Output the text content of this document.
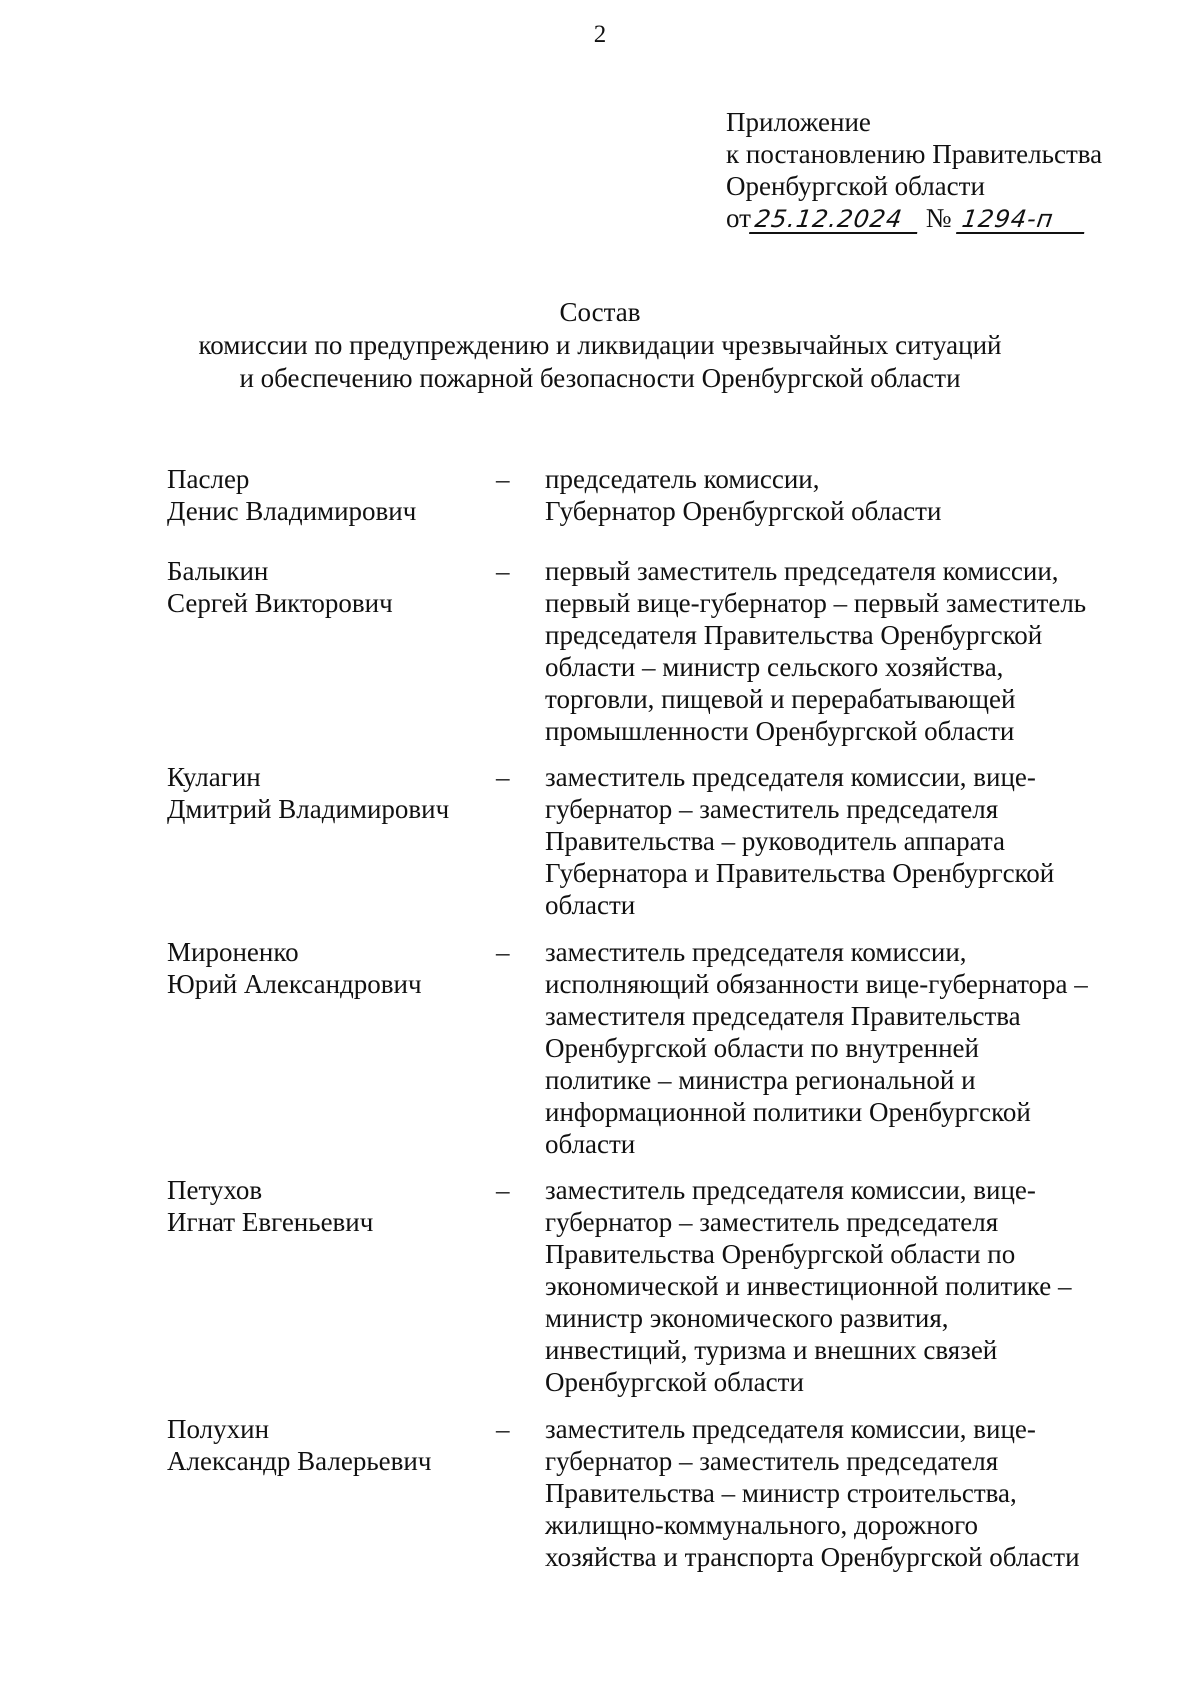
2
Приложение
к постановлению Правительства
Оренбургской области
от25.12.2024 № 1294-п
Состав
комиссии по предупреждению и ликвидации чрезвычайных ситуаций
и обеспечению пожарной безопасности Оренбургской области
Паслер
Денис Владимирович
– председатель комиссии,
Губернатор Оренбургской области
Балыкин
Сергей Викторович
– первый заместитель председателя комиссии,
первый вице-губернатор – первый заместитель
председателя Правительства Оренбургской
области – министр сельского хозяйства,
торговли, пищевой и перерабатывающей
промышленности Оренбургской области
Кулагин
Дмитрий Владимирович
– заместитель председателя комиссии, вице-
губернатор – заместитель председателя
Правительства – руководитель аппарата
Губернатора и Правительства Оренбургской
области
Мироненко
Юрий Александрович
– заместитель председателя комиссии,
исполняющий обязанности вице-губернатора –
заместителя председателя Правительства
Оренбургской области по внутренней
политике – министра региональной и
информационной политики Оренбургской
области
Петухов
Игнат Евгеньевич
– заместитель председателя комиссии, вице-
губернатор – заместитель председателя
Правительства Оренбургской области по
экономической и инвестиционной политике –
министр экономического развития,
инвестиций, туризма и внешних связей
Оренбургской области
Полухин
Александр Валерьевич
– заместитель председателя комиссии, вице-
губернатор – заместитель председателя
Правительства – министр строительства,
жилищно-коммунального, дорожного
хозяйства и транспорта Оренбургской области
